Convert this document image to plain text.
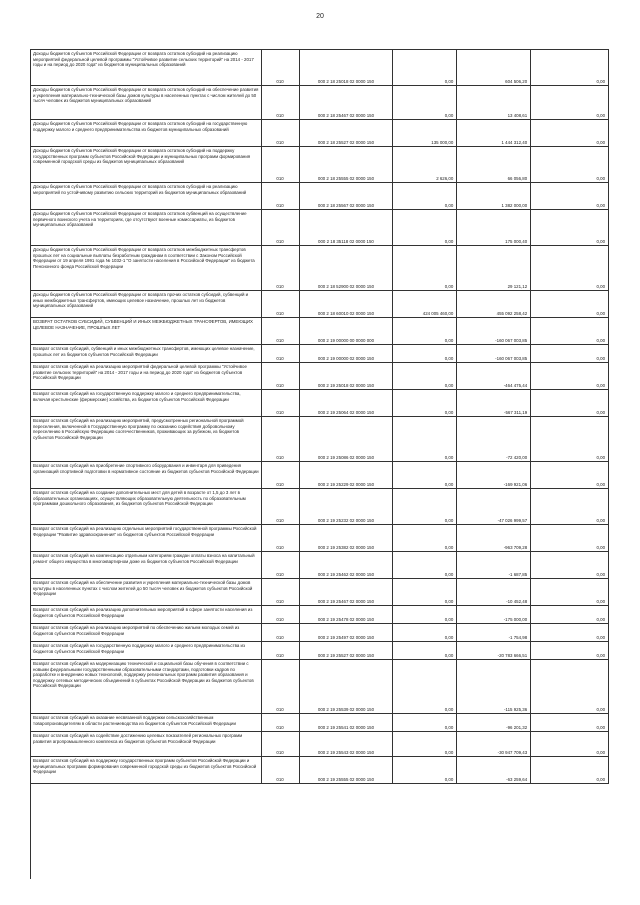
20
Доходы бюджетов субъектов Российской Федерации от возврата остатков субсидий на реализацию мероприятий федеральной целевой программы "Устойчивое развитие сельских территорий" на 2014 - 2017 годы и на период до 2020 года" из бюджетов муниципальных образований
010	000 2 18 25018 02 0000 150	0,00	604 506,20	0,00
Доходы бюджетов субъектов Российской Федерации от возврата остатков субсидий на обеспечение развития и укрепления материально-технической базы домов культуры в населенных пунктах с числом жителей до 50 тысяч человек из бюджетов муниципальных образований
010	000 2 18 25467 02 0000 150	0,00	13 408,61	0,00
Доходы бюджетов субъектов Российской Федерации от возврата остатков субсидий на государственную поддержку малого и среднего предпринимательства из бюджетов муниципальных образований
010	000 2 18 25527 02 0000 150	135 000,00	1 444 312,40	0,00
Доходы бюджетов субъектов Российской Федерации от возврата остатков субсидий на поддержку государственных программ субъектов Российской Федерации и муниципальных программ формирования современной городской среды из бюджетов муниципальных образований
010	000 2 18 25555 02 0000 150	2 626,00	66 056,80	0,00
Доходы бюджетов субъектов Российской Федерации от возврата остатков субсидий на реализацию мероприятий по устойчивому развитию сельских территорий из бюджетов муниципальных образований
010	000 2 18 25567 02 0000 150	0,00	1 382 000,00	0,00
Доходы бюджетов субъектов Российской Федерации от возврата остатков субвенций на осуществление первичного воинского учета на территориях, где отсутствуют военные комиссариаты, из бюджетов муниципальных образований
010	000 2 18 35118 02 0000 150	0,00	175 000,40	0,00
Доходы бюджетов субъектов Российской Федерации от возврата остатков межбюджетных трансфертов прошлых лет на социальные выплаты безработным гражданам в соответствии с Законом Российской Федерации от 19 апреля 1991 года № 1032-1 "О занятости населения в Российской Федерации" из бюджета Пенсионного фонда Российской Федерации
010	000 2 18 52900 02 0000 150	0,00	29 121,12	0,00
Доходы бюджетов субъектов Российской Федерации от возврата прочих остатков субсидий, субвенций и иных межбюджетных трансфертов, имеющих целевое назначение, прошлых лет из бюджетов муниципальных образований
010	000 2 18 60010 02 0000 150	424 005 460,00	455 092 258,42	0,00
ВОЗВРАТ ОСТАТКОВ СУБСИДИЙ, СУБВЕНЦИЙ И ИНЫХ МЕЖБЮДЖЕТНЫХ ТРАНСФЕРТОВ, ИМЕЮЩИХ ЦЕЛЕВОЕ НАЗНАЧЕНИЕ, ПРОШЛЫХ ЛЕТ
010	000 2 19 00000 00 0000 000	0,00	-160 067 003,85	0,00
Возврат остатков субсидий, субвенций и иных межбюджетных трансфертов, имеющих целевое назначение, прошлых лет из бюджетов субъектов Российской Федерации
010	000 2 19 00000 02 0000 150	0,00	-160 067 003,85	0,00
Возврат остатков субсидий на реализацию мероприятий федеральной целевой программы "Устойчивое развитие сельских территорий" на 2014 - 2017 годы и на период до 2020 года" из бюджетов субъектов Российской Федерации
010	000 2 19 25018 02 0000 150	0,00	-464 475,44	0,00
Возврат остатков субсидий на государственную поддержку малого и среднего предпринимательства, включая крестьянские (фермерские) хозяйства, из бюджетов субъектов Российской Федерации
010	000 2 19 25064 02 0000 150	0,00	-567 311,19	0,00
Возврат остатков субсидий на реализацию мероприятий, предусмотренных региональной программой переселения, включенной в Государственную программу по оказанию содействия добровольному переселению в Российскую Федерацию соотечественников, проживающих за рубежом, из бюджетов субъектов Российской Федерации
010	000 2 19 25086 02 0000 150	0,00	-72 420,00	0,00
Возврат остатков субсидий на приобретение спортивного оборудования и инвентаря для приведения организаций спортивной подготовки в нормативное состояние из бюджетов субъектов Российской Федерации
010	000 2 19 25229 02 0000 150	0,00	-169 921,06	0,00
Возврат остатков субсидий на создание дополнительных мест для детей в возрасте от 1,5 до 3 лет в образовательных организациях, осуществляющих образовательную деятельность по образовательным программам дошкольного образования, из бюджетов субъектов Российской Федерации
010	000 2 19 25232 02 0000 150	0,00	-47 026 999,57	0,00
Возврат остатков субсидий на реализацию отдельных мероприятий государственной программы Российской Федерации "Развитие здравоохранения" из бюджетов субъектов Российской Федерации
010	000 2 19 25382 02 0000 150	0,00	-963 709,28	0,00
Возврат остатков субсидий на компенсацию отдельным категориям граждан оплаты взноса на капитальный ремонт общего имущества в многоквартирном доме из бюджетов субъектов Российской Федерации
010	000 2 19 25462 02 0000 150	0,00	-1 687,85	0,00
Возврат остатков субсидий на обеспечение развития и укрепления материально-технической базы домов культуры в населенных пунктах с числом жителей до 50 тысяч человек из бюджетов субъектов Российской Федерации
010	000 2 19 25467 02 0000 150	0,00	-10 452,48	0,00
Возврат остатков субсидий на реализацию дополнительных мероприятий в сфере занятости населения из бюджетов субъектов Российской Федерации
010	000 2 19 25478 02 0000 150	0,00	-175 000,00	0,00
Возврат остатков субсидий на реализацию мероприятий по обеспечению жильем молодых семей из бюджетов субъектов Российской Федерации
010	000 2 19 25497 02 0000 150	0,00	-1 754,98	0,00
Возврат остатков субсидий на государственную поддержку малого и среднего предпринимательства из бюджетов субъектов Российской Федерации
010	000 2 19 25527 02 0000 150	0,00	-20 783 666,51	0,00
Возврат остатков субсидий на модернизацию технической и социальной базы обучения в соответствии с новыми федеральными государственными образовательными стандартами, подготовки кадров по разработке и внедрению новых технологий, поддержку региональных программ развития образования и поддержку сетевых методических объединений в субъектах Российской Федерации из бюджетов субъектов Российской Федерации
010	000 2 19 25539 02 0000 150	0,00	-115 925,36	0,00
Возврат остатков субсидий на оказание несвязанной поддержки сельскохозяйственным товаропроизводителям в области растениеводства из бюджетов субъектов Российской Федерации
010	000 2 19 25541 02 0000 150	0,00	-96 201,32	0,00
Возврат остатков субсидий на содействие достижению целевых показателей региональных программ развития агропромышленного комплекса из бюджетов субъектов Российской Федерации
010	000 2 19 25543 02 0000 150	0,00	-30 947 709,43	0,00
Возврат остатков субсидий на поддержку государственных программ субъектов Российской Федерации и муниципальных программ формирования современной городской среды из бюджетов субъектов Российской Федерации
010	000 2 19 25555 02 0000 150	0,00	-63 259,64	0,00
